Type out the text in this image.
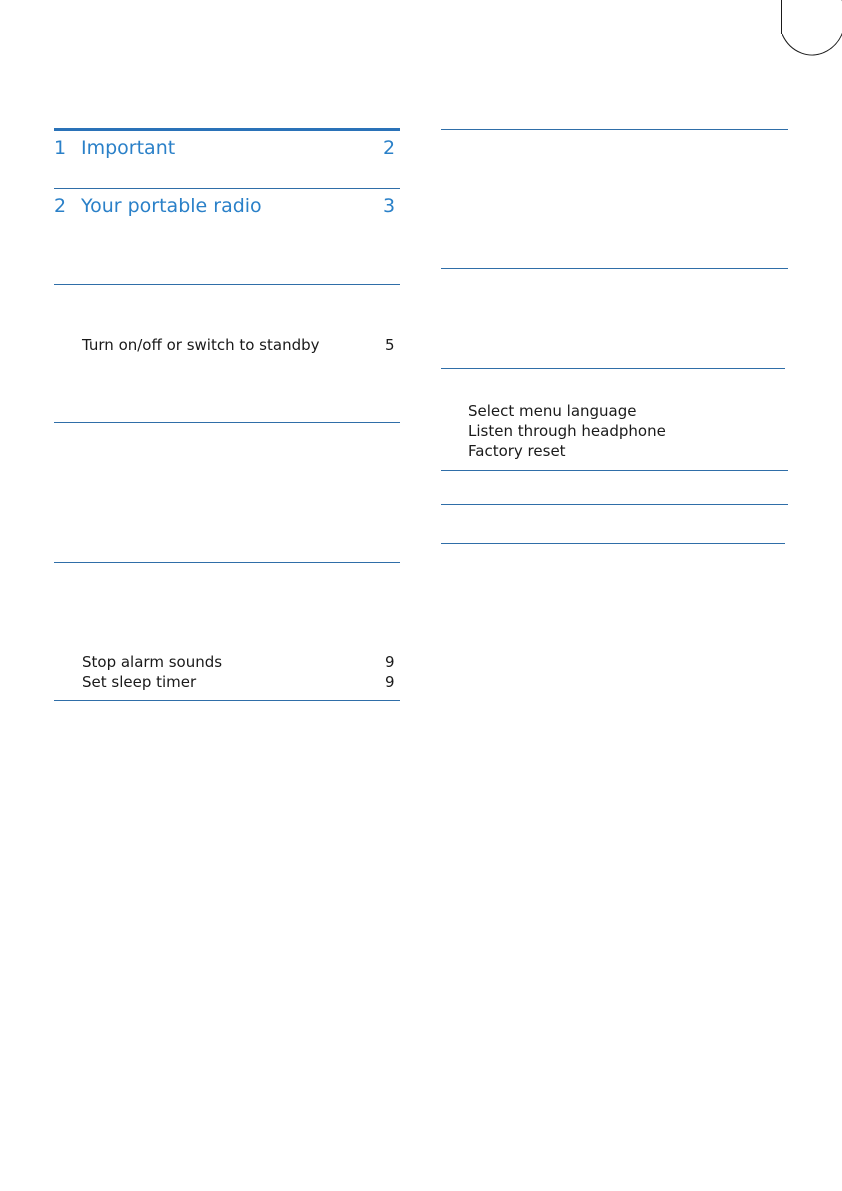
1 Important	2
2 Your portable radio	3
Turn on/off or switch to standby	5
Stop alarm sounds	9
Set sleep timer	9
Select menu language
Listen through headphone
Factory reset
